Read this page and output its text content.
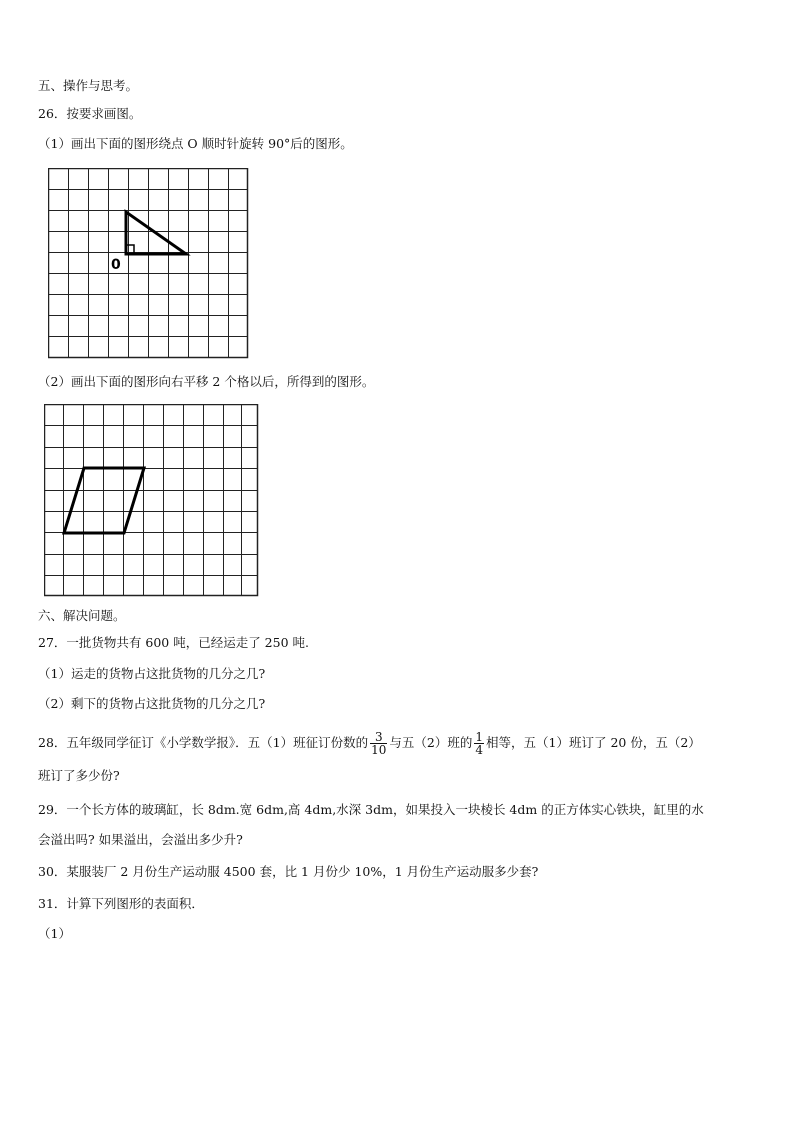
五、操作与思考。
26．按要求画图。
（1）画出下面的图形绕点 O 顺时针旋转 90°后的图形。
0
（2）画出下面的图形向右平移 2 个格以后，所得到的图形。
六、解决问题。
27．一批货物共有 600 吨，已经运走了 250 吨.
（1）运走的货物占这批货物的几分之几?
（2）剩下的货物占这批货物的几分之几?
28．五年级同学征订《小学数学报》．五（1）班征订份数的 $\frac{3}{10}$ 与五（2）班的 $\frac{1}{4}$ 相等，五（1）班订了 20 份，五（2）
班订了多少份?
29．一个长方体的玻璃缸，长 8dm.宽 6dm,高 4dm,水深 3dm，如果投入一块棱长 4dm 的正方体实心铁块，缸里的水
会溢出吗? 如果溢出，会溢出多少升?
30．某服装厂 2 月份生产运动服 4500 套，比 1 月份少 10%，1 月份生产运动服多少套?
31．计算下列图形的表面积．
（1）
